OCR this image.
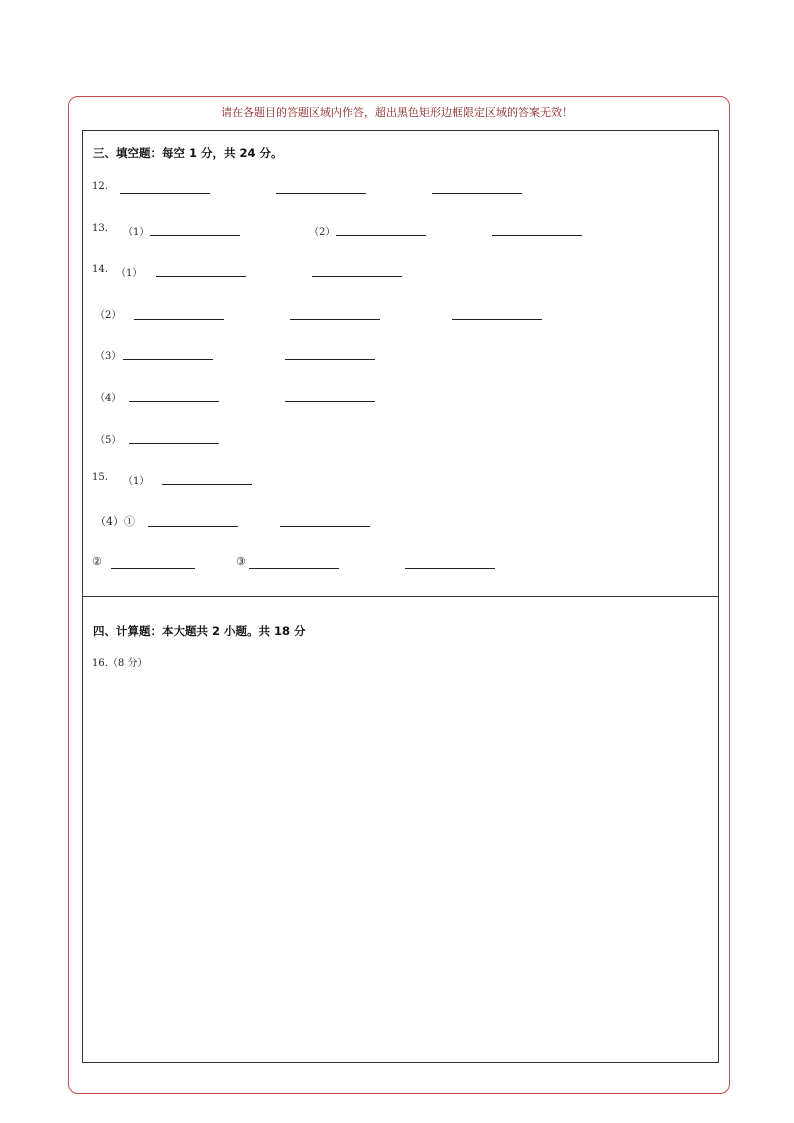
请在各题目的答题区域内作答，超出黑色矩形边框限定区域的答案无效！
三、填空题：每空 1 分，共 24 分。
12.
13. （1）	（2）
14. （1）
（2）
（3）
（4）
（5）
15. （1）
（4）①
②	③
四、计算题：本大题共 2 小题。共 18 分
16.（8 分）
